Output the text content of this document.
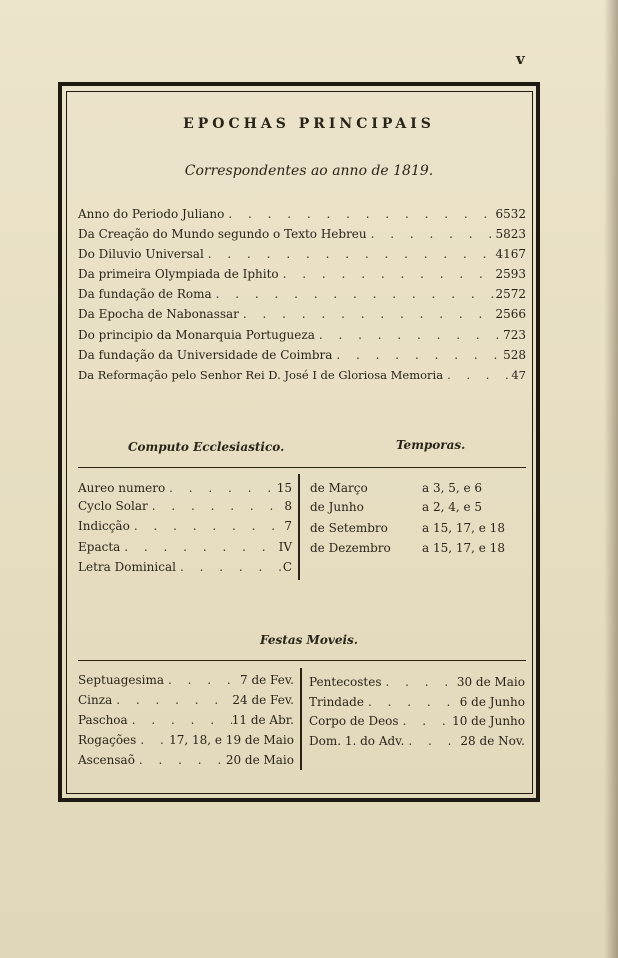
v
EPOCHAS PRINCIPAIS
Correspondentes ao anno de 1819.
Anno do Periodo Juliano . . .	6532
Da Creação do Mundo segundo o Texto Hebreu . . .	5823
Do Diluvio Universal . . .	4167
Da primeira Olympiada de Iphito . . .	2593
Da fundação de Roma . . .	2572
Da Epocha de Nabonassar . . .	2566
Do principio da Monarquia Portugueza . . .	723
Da fundação da Universidade de Coimbra . . .	528
Da Reformação pelo Senhor Rei D. José I de Gloriosa Memoria . . .	47
Computo Ecclesiastico.	Temporas.
Aureo numero . . .	15
Cyclo Solar . . .	8
Indicção . . .	7
Epacta . . .	IV
Letra Dominical . . .	C
de Março	a 3, 5, e 6
de Junho	a 2, 4, e 5
de Setembro	a 15, 17, e 18
de Dezembro	a 15, 17, e 18
Festas Moveis.
Septuagesima . . .	7 de Fev.
Cinza . . .	24 de Fev.
Paschoa . . .	11 de Abr.
Rogações . . .	17, 18, e 19 de Maio
Ascensaõ . . .	20 de Maio
Pentecostes . . .	30 de Maio
Trindade . . .	6 de Junho
Corpo de Deos . . .	10 de Junho
Dom. 1. do Adv. . . .	28 de Nov.
